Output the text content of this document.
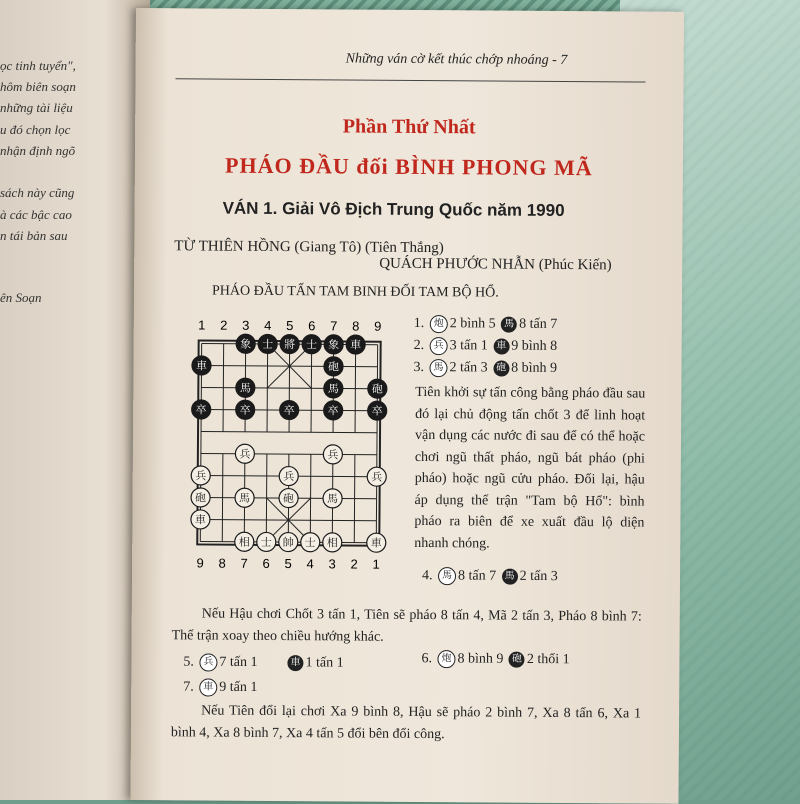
ọc tinh tuyển",
hôm biên soạn
những tài liệu
u đó chọn lọc
nhận định ngõ
sách này cũng
à các bậc cao
n tái bản sau
ên Soạn
Những ván cờ kết thúc chớp nhoáng - 7
Phần Thứ Nhất
PHÁO ĐẦU đối BÌNH PHONG MÃ
VÁN 1. Giải Vô Địch Trung Quốc năm 1990
TỪ THIÊN HỒNG (Giang Tô) (Tiên Thắng)
QUÁCH PHƯỚC NHẪN (Phúc Kiến)
PHÁO ĐẦU TẤN TAM BINH ĐỐI TAM BỘ HỔ.
1 2 3 4 5 6 7 8 9
9 8 7 6 5 4 3 2 1
車
象 士 將 士 象 車
砲
馬	馬	砲
卒	卒	卒	卒	卒
兵	兵
兵	兵	兵
砲	馬	砲	馬
車
相 士 帥 士 相	車
1. 炮 2 bình 5 馬 8 tấn 7
2. 兵 3 tấn 1 車 9 bình 8
3. 馬 2 tấn 3 砲 8 bình 9
Tiên khởi sự tấn công bằng pháo đầu sau đó lại chủ động tấn chốt 3 để linh hoạt vận dụng các nước đi sau để có thể hoặc chơi ngũ thất pháo, ngũ bát pháo (phi pháo) hoặc ngũ cửu pháo. Đối lại, hậu áp dụng thế trận "Tam bộ Hổ": bình pháo ra biên để xe xuất đầu lộ diện nhanh chóng.
4. 馬 8 tấn 7 馬 2 tấn 3
Nếu Hậu chơi Chốt 3 tấn 1, Tiên sẽ pháo 8 tấn 4, Mã 2 tấn 3, Pháo 8 bình 7: Thế trận xoay theo chiều hướng khác.
5. 兵 7 tấn 1	車 1 tấn 1	6. 炮 8 bình 9 砲 2 thối 1
7. 車 9 tấn 1
Nếu Tiên đổi lại chơi Xa 9 bình 8, Hậu sẽ pháo 2 bình 7, Xa 8 tấn 6, Xa 1 bình 4, Xa 8 bình 7, Xa 4 tấn 5 đổi bên đổi công.
